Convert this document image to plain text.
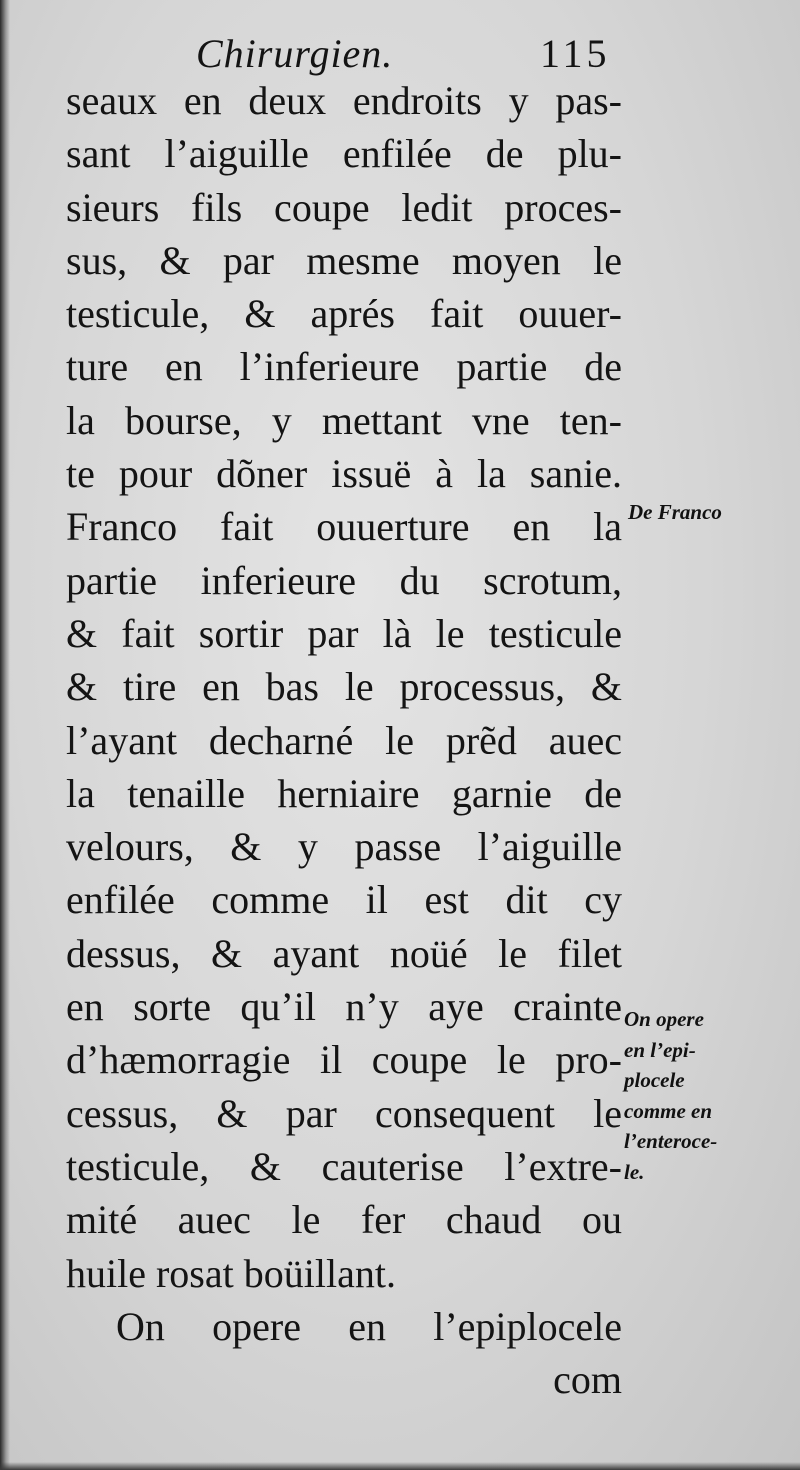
Chirurgien.	115
seaux en deux endroits y pas-
sant l’aiguille enfilée de plu-
sieurs fils coupe ledit proces-
sus, & par mesme moyen le
testicule, & aprés fait ouuer-
ture en l’inferieure partie de
la bourse, y mettant vne ten-
te pour dõner issuë à la sanie.
Franco fait ouuerture en la
partie inferieure du scrotum,
& fait sortir par là le testicule
& tire en bas le processus, &
l’ayant decharné le prẽd auec
la tenaille herniaire garnie de
velours, & y passe l’aiguille
enfilée comme il est dit cy
dessus, & ayant noüé le filet
en sorte qu’il n’y aye crainte
d’hæmorragie il coupe le pro-
cessus, & par consequent le
testicule, & cauterise l’extre-
mité auec le fer chaud ou
huile rosat boüillant.
On opere en l’epiplocele
com
De Franco
On opere
en l’epi-
plocele
comme en
l’enteroce-
le.
